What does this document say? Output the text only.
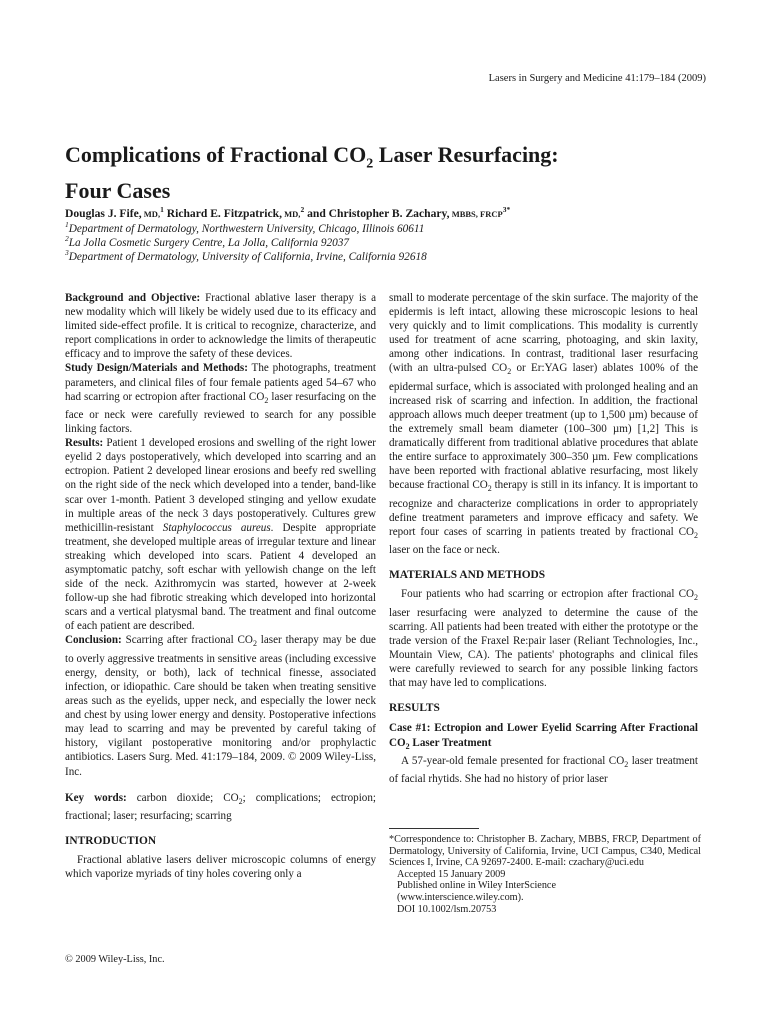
Lasers in Surgery and Medicine 41:179–184 (2009)
Complications of Fractional $CO_2$ Laser Resurfacing:
Four Cases
Douglas J. Fife, MD,$^1$ Richard E. Fitzpatrick, MD,$^2$ and Christopher B. Zachary, MBBS, $FRCP^{3*}$
$^1$Department of Dermatology, Northwestern University, Chicago, Illinois 60611
$^2$La Jolla Cosmetic Surgery Centre, La Jolla, California 92037
$^3$Department of Dermatology, University of California, Irvine, California 92618

Background and Objective: Fractional ablative laser therapy is a new modality which will likely be widely used due to its efficacy and limited side-effect profile. It is critical to recognize, characterize, and report complications in order to acknowledge the limits of therapeutic efficacy and to improve the safety of these devices.

Study Design/Materials and Methods: The photographs, treatment parameters, and clinical files of four female patients aged 54–67 who had scarring or ectropion after fractional $CO_2$ laser resurfacing on the face or neck were carefully reviewed to search for any possible linking factors.

Results: Patient 1 developed erosions and swelling of the right lower eyelid 2 days postoperatively, which developed into scarring and an ectropion. Patient 2 developed linear erosions and beefy red swelling on the right side of the neck which developed into a tender, band-like scar over 1-month. Patient 3 developed stinging and yellow exudate in multiple areas of the neck 3 days postoperatively. Cultures grew methicillin-resistant Staphylococcus aureus. Despite appropriate treatment, she developed multiple areas of irregular texture and linear streaking which developed into scars. Patient 4 developed an asymptomatic patchy, soft eschar with yellowish change on the left side of the neck. Azithromycin was started, however at 2-week follow-up she had fibrotic streaking which developed into horizontal scars and a vertical platysmal band. The treatment and final outcome of each patient are described.

Conclusion: Scarring after fractional $CO_2$ laser therapy may be due to overly aggressive treatments in sensitive areas (including excessive energy, density, or both), lack of technical finesse, associated infection, or idiopathic. Care should be taken when treating sensitive areas such as the eyelids, upper neck, and especially the lower neck and chest by using lower energy and density. Postoperative infections may lead to scarring and may be prevented by careful taking of history, vigilant postoperative monitoring and/or prophylactic antibiotics. Lasers Surg. Med. 41:179–184, 2009. © 2009 Wiley-Liss, Inc.

Key words: carbon dioxide; $CO_2$; complications; ectropion; fractional; laser; resurfacing; scarring

INTRODUCTION

Fractional ablative lasers deliver microscopic columns of energy which vaporize myriads of tiny holes covering only a

small to moderate percentage of the skin surface. The majority of the epidermis is left intact, allowing these microscopic lesions to heal very quickly and to limit complications. This modality is currently used for treatment of acne scarring, photoaging, and skin laxity, among other indications. In contrast, traditional laser resurfacing (with an ultra-pulsed $CO_2$ or Er:YAG laser) ablates 100% of the epidermal surface, which is associated with prolonged healing and an increased risk of scarring and infection. In addition, the fractional approach allows much deeper treatment (up to 1,500 µm) because of the extremely small beam diameter (100–300 µm) [1,2] This is dramatically different from traditional ablative procedures that ablate the entire surface to approximately 300–350 µm. Few complications have been reported with fractional ablative resurfacing, most likely because fractional $CO_2$ therapy is still in its infancy. It is important to recognize and characterize complications in order to appropriately define treatment parameters and improve efficacy and safety. We report four cases of scarring in patients treated by fractional $CO_2$ laser on the face or neck.

MATERIALS AND METHODS

Four patients who had scarring or ectropion after fractional $CO_2$ laser resurfacing were analyzed to determine the cause of the scarring. All patients had been treated with either the prototype or the trade version of the Fraxel Re:pair laser (Reliant Technologies, Inc., Mountain View, CA). The patients' photographs and clinical files were carefully reviewed to search for any possible linking factors that may have led to complications.

RESULTS

Case #1: Ectropion and Lower Eyelid Scarring After Fractional $CO_2$ Laser Treatment

A 57-year-old female presented for fractional $CO_2$ laser treatment of facial rhytids. She had no history of prior laser

*Correspondence to: Christopher B. Zachary, MBBS, FRCP, Department of Dermatology, University of California, Irvine, UCI Campus, C340, Medical Sciences I, Irvine, CA 92697-2400. E-mail: czachary@uci.edu

Accepted 15 January 2009

Published online in Wiley InterScience

(www.interscience.wiley.com).

DOI 10.1002/lsm.20753

© 2009 Wiley-Liss, Inc.
